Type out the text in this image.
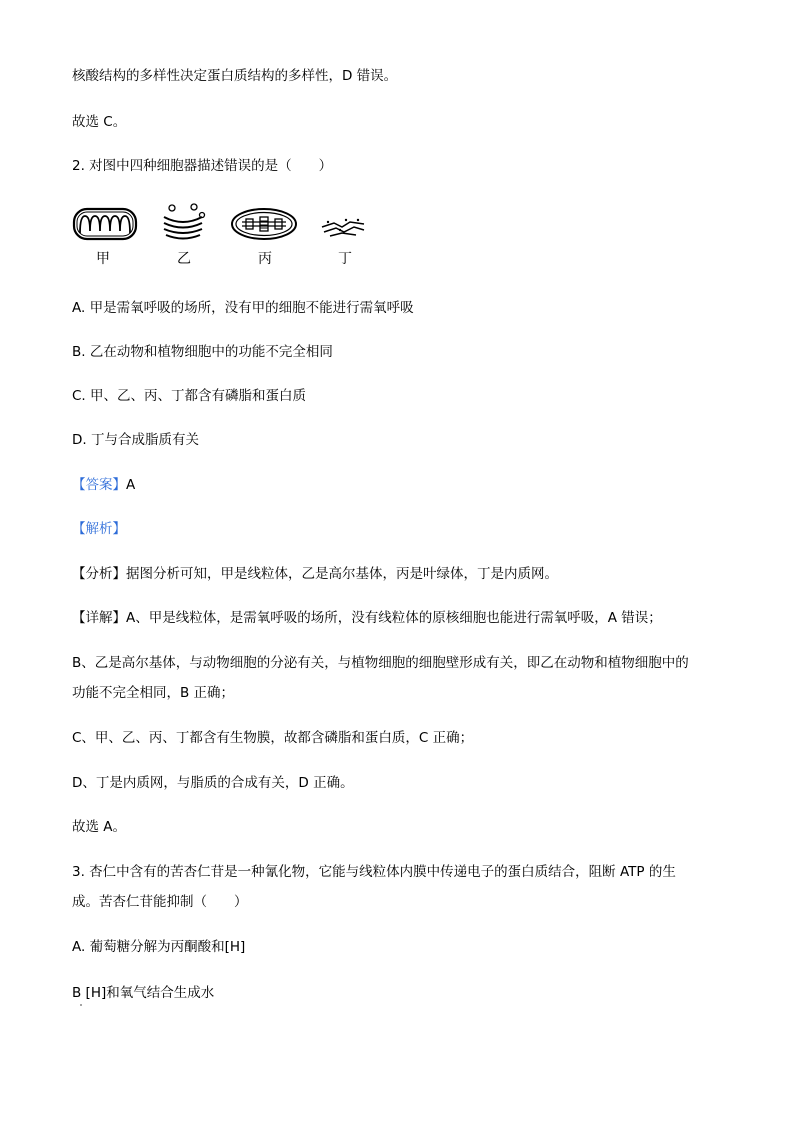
核酸结构的多样性决定蛋白质结构的多样性，D 错误。
故选 C。
2. 对图中四种细胞器描述错误的是（　　）
甲	乙	丙	丁
A. 甲是需氧呼吸的场所，没有甲的细胞不能进行需氧呼吸
B. 乙在动物和植物细胞中的功能不完全相同
C. 甲、乙、丙、丁都含有磷脂和蛋白质
D. 丁与合成脂质有关
【答案】A
【解析】
【分析】据图分析可知，甲是线粒体，乙是高尔基体，丙是叶绿体，丁是内质网。
【详解】A、甲是线粒体，是需氧呼吸的场所，没有线粒体的原核细胞也能进行需氧呼吸，A 错误；
B、乙是高尔基体，与动物细胞的分泌有关，与植物细胞的细胞壁形成有关，即乙在动物和植物细胞中的
功能不完全相同，B 正确；
C、甲、乙、丙、丁都含有生物膜，故都含磷脂和蛋白质，C 正确；
D、丁是内质网，与脂质的合成有关，D 正确。
故选 A。
3. 杏仁中含有的苦杏仁苷是一种氰化物，它能与线粒体内膜中传递电子的蛋白质结合，阻断 ATP 的生
成。苦杏仁苷能抑制（　　）
A. 葡萄糖分解为丙酮酸和[H]
B [H]和氧气结合生成水
